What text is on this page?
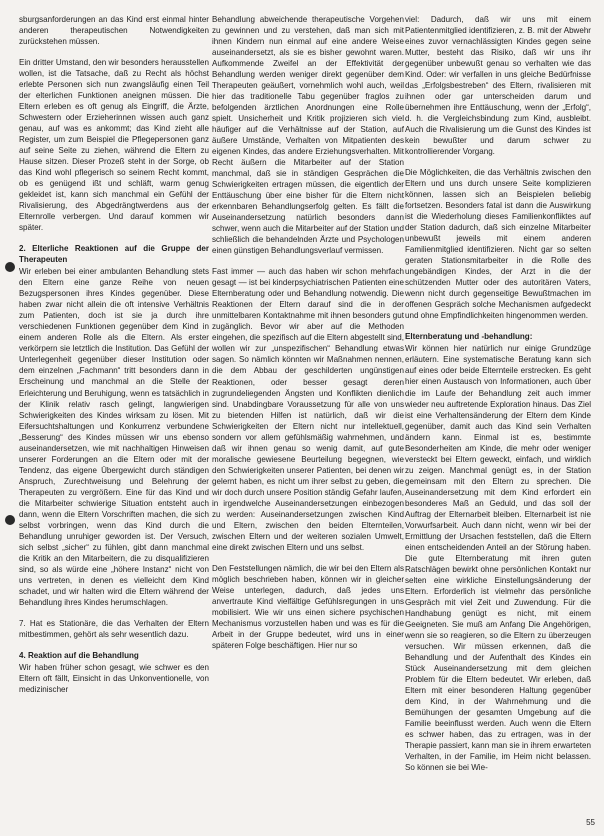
sburgsanforderungen an das Kind erst einmal hinter anderen therapeutischen Notwendigkeiten zurückstehen müssen.

Ein dritter Umstand, den wir besonders herausstellen wollen, ist die Tatsache, daß zu Recht als höchst erlebte Personen sich nun zwangsläufig einen Teil der elterlichen Funktionen aneignen müssen. Die Eltern erleben es oft genug als Eingriff, die Ärzte, Schwestern oder Erzieherinnen wissen auch ganz genau, auf was es ankommt; das Kind zieht alle Register, um zum Beispiel die Pflegepersonen ganz auf seine Seite zu ziehen, während die Eltern zu Hause sitzen. Dieser Prozeß steht in der Sorge, ob das Kind wohl pflegerisch so seinem Recht kommt, ob es genügend ißt und schläft, warm genug gekleidet ist, kann sich manchmal ein Gefühl der Rivalisierung, des Abgedrängtwerdens aus der Elternrolle verbergen. Und darauf kommen wir später.

2. Elterliche Reaktionen auf die Gruppe der Therapeuten

Wir erleben bei einer ambulanten Behandlung stets den Eltern eine ganze Reihe von neuen Bezugspersonen ihres Kindes gegenüber. Diese haben zwar nicht allein die oft intensive Verhältnis zum Patienten, doch ist sie ja durch ihre verschiedenen Funktionen gegenüber dem Kind in einem anderen Rolle als die Eltern. Als erster verkörpern sie letztlich die Institution. Das Gefühl der Unterlegenheit gegenüber dieser Institution oder dem einzelnen „Fachmann“ tritt besonders dann in Erscheinung und manchmal an die Stelle der Erleichterung und Beruhigung, wenn es tatsächlich in der Klinik relativ rasch gelingt, langwierigen Schwierigkeiten des Kindes wirksam zu lösen. Mit Eifersuchtshaltungen und Konkurrenz verbundene „Besserung“ des Kindes müssen wir uns ebenso auseinandersetzen, wie mit nachhaltigen Hinweisen unserer Forderungen an die Eltern oder mit der Tendenz, das eigene Übergewicht durch ständigen Anspruch, Zurechtweisung und Belehrung der Therapeuten zu vergrößern. Eine für das Kind und die Mitarbeiter schwierige Situation entsteht auch dann, wenn die Eltern Vorschriften machen, die sich selbst vorbringen, wenn das Kind durch die Behandlung unruhiger geworden ist. Der Versuch, sich selbst „sicher“ zu fühlen, gibt dann manchmal die Kritik an den Mitarbeitern, die zu disqualifizieren sind, so als würde eine „höhere Instanz“ nicht von uns vertreten, in denen es vielleicht dem Kind schadet, und wir halten wird die Eltern während der Behandlung ihres Kindes herumschlagen.

7. Hat es Stationäre, die das Verhalten der Eltern mitbestimmen, gehört als sehr wesentlich dazu.

4. Reaktion auf die Behandlung

Wir haben früher schon gesagt, wie schwer es den Eltern oft fällt, Einsicht in das Unkonventionelle, von medizinischer

Behandlung abweichende therapeutische Vorgehen zu gewinnen und zu verstehen, daß man sich mit ihnen Kindern nun einmal auf eine andere Weise auseinandersetzt, als sie es bisher gewohnt waren. Aufkommende Zweifel an der Effektivität der Behandlung werden weniger direkt gegenüber dem Therapeuten geäußert, vornehmlich wohl auch, weil hier das traditionelle Tabu gegenüber fraglos zu befolgenden ärztlichen Anordnungen eine Rolle spielt. Unsicherheit und Kritik projizieren sich viel häufiger auf die Verhältnisse auf der Station, auf äußere Umstände, Verhalten von Mitpatienten des eigenen Kindes, das andere Erziehungsverhalten. Mit Recht äußern die Mitarbeiter auf der Station manchmal, daß sie in ständigen Gesprächen die Schwierigkeiten ertragen müssen, die eigentlich der Enttäuschung über eine bisher für die Eltern nicht erkennbaren Behandlungserfolg gelten. Es fällt die Auseinandersetzung natürlich besonders dann schwer, wenn auch die Mitarbeiter auf der Station und schließlich die behandelnden Ärzte und Psychologen einen günstigen Behandlungsverlauf vermissen.

Fast immer — auch das haben wir schon mehrfach gesagt — ist bei kinderpsychiatrischen Patienten eine Elternberatung oder und Behandlung notwendig. Die Reaktionen der Eltern darauf sind die in der unmittelbaren Kontaktnahme mit ihnen besonders gut zugänglich. Bevor wir aber auf die Methoden eingehen, die spezifisch auf die Eltern abgestellt sind, wollen wir zur „unspezifischen“ Behandlung etwas sagen. So nämlich könnten wir Maßnahmen nennen, die dem Abbau der geschilderten ungünstigen Reaktionen, oder besser gesagt deren zugrundeliegenden Ängsten und Konflikten dienlich sind. Unabdingbare Voraussetzung für alle von uns zu bietenden Hilfen ist natürlich, daß wir die Schwierigkeiten der Eltern nicht nur intellektuell, sondern vor allem gefühlsmäßig wahrnehmen, und daß wir ihnen genau so wenig damit, auf gute moralische gewiesene Beurteilung begegnen, wie den Schwierigkeiten unserer Patienten, bei denen wir gelernt haben, es nicht um ihrer selbst zu geben, die wir doch durch unsere Position ständig Gefahr laufen, in irgendwelche Auseinandersetzungen einbezogen zu werden: Auseinandersetzungen zwischen Kind und Eltern, zwischen den beiden Elternteilen, zwischen Eltern und der weiteren sozialen Umwelt, eine direkt zwischen Eltern und uns selbst.

Den Feststellungen nämlich, die wir bei den Eltern als möglich beschrieben haben, können wir in gleicher Weise unterlegen, dadurch, daß jedes uns anvertraute Kind vielfältige Gefühlsregungen in uns mobilisiert. Wie wir uns einen sichere psychischen Mechanismus vorzustellen haben und was es für die Arbeit in der Gruppe bedeutet, wird uns in einer späteren Folge beschäftigen. Hier nur so

viel: Dadurch, daß wir uns mit einem Patientenmitglied identifizieren, z. B. mit der Abwehr eines zuvor vernachlässigten Kindes gegen seine Mutter, besteht das Risiko, daß wir uns ihr gegenüber unbewußt genau so verhalten wie das Kind. Oder: wir verfallen in uns gleiche Bedürfnisse das „Erfolgsbestreben“ des Eltern, rivalisieren mit ihnen oder gar unterscheiden darum und übernehmen ihre Enttäuschung, wenn der „Erfolg“, d. h. die Vergleichsbindung zum Kind, ausbleibt. Auch die Rivalisierung um die Gunst des Kindes ist kein bewußter und darum schwer zu kontrollierender Vorgang.

Die Möglichkeiten, die das Verhältnis zwischen den Eltern und uns durch unsere Seite komplizieren können, lassen sich an Beispielen beliebig fortsetzen. Besonders fatal ist dann die Auswirkung ist die Wiederholung dieses Familienkonfliktes auf der Station dadurch, daß sich einzelne Mitarbeiter unbewußt jeweils mit einem anderen Familienmitglied identifizieren. Nicht gar so selten geraten Stationsmitarbeiter in die Rolle des ungebändigen Kindes, der Arzt in die der schützenden Mutter oder des autoritären Vaters, wenn nicht durch gegenseitige Bewußtmachen im offenen Gespräch solche Mechanismen aufgedeckt und ohne Empfindlichkeiten hingenommen werden.

Elternberatung und -behandlung:

Wir können hier natürlich nur einige Grundzüge erläutern. Eine systematische Beratung kann sich auf eines oder beide Elternteile erstrecken. Es geht hier einen Austausch von Informationen, auch über die im Laufe der Behandlung zeit auch immer wieder neu auftretende Exploration hinaus. Das Ziel ist eine Verhaltensänderung der Eltern dem Kinde gegenüber, damit auch das Kind sein Verhalten ändern kann. Einmal ist es, bestimmte Besonderheiten am Kinde, die mehr oder weniger versteckt bei Eltern geweckt, einfach, und wirklich zu zeigen. Manchmal genügt es, in der Station gemeinsam mit den Eltern zu sprechen. Die Auseinandersetzung mit dem Kind erfordert ein besonderes Maß an Geduld, und das soll der Auftrag der Elternarbeit bleiben. Elternarbeit ist nie Vorwurfsarbeit. Auch dann nicht, wenn wir bei der Ermittlung der Ursachen feststellen, daß die Eltern einen entscheidenden Anteil an der Störung haben. Die gute Elternberatung mit ihren guten Ratschlägen bewirkt ohne persönlichen Kontakt nur selten eine wirkliche Einstellungsänderung der Eltern. Erforderlich ist vielmehr das persönliche Gespräch mit viel Zeit und Zuwendung. Für die Handhabung genügt es nicht, mit einem Geeigneten. Sie muß am Anfang Die Angehörigen, wenn sie so reagieren, so die Eltern zu überzeugen versuchen. Wir müssen erkennen, daß die Behandlung und der Aufenthalt des Kindes ein Stück Auseinandersetzung mit dem gleichen Problem für die Eltern bedeutet. Wir erleben, daß Eltern mit einer besonderen Haltung gegenüber dem Kind, in der Wahrnehmung und die Bemühungen der gesamten Umgebung auf die Familie beeinflusst werden. Auch wenn die Eltern es schwer haben, das zu ertragen, was in der Therapie passiert, kann man sie in ihrem erwarteten Verhalten, in der Familie, im Heim nicht belassen. So können sie bei Wie-

55
